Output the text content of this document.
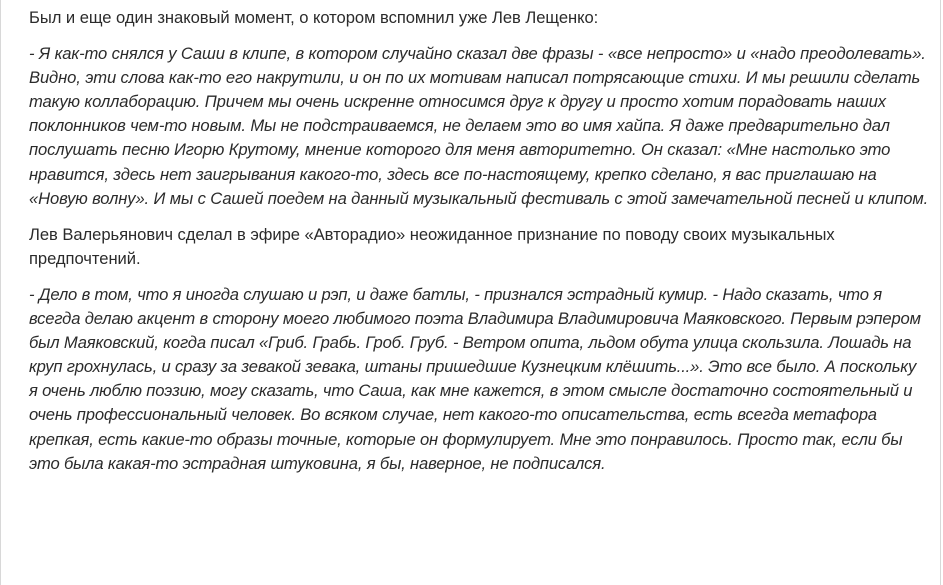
Был и еще один знаковый момент, о котором вспомнил уже Лев Лещенко:

- Я как-то снялся у Саши в клипе, в котором случайно сказал две фразы - «все непросто» и «надо преодолевать». Видно, эти слова как-то его накрутили, и он по их мотивам написал потрясающие стихи. И мы решили сделать такую коллаборацию. Причем мы очень искренне относимся друг к другу и просто хотим порадовать наших поклонников чем-то новым. Мы не подстраиваемся, не делаем это во имя хайпа. Я даже предварительно дал послушать песню Игорю Крутому, мнение которого для меня авторитетно. Он сказал: «Мне настолько это нравится, здесь нет заигрывания какого-то, здесь все по-настоящему, крепко сделано, я вас приглашаю на «Новую волну». И мы с Сашей поедем на данный музыкальный фестиваль с этой замечательной песней и клипом.

Лев Валерьянович сделал в эфире «Авторадио» неожиданное признание по поводу своих музыкальных предпочтений.

- Дело в том, что я иногда слушаю и рэп, и даже батлы, - признался эстрадный кумир. - Надо сказать, что я всегда делаю акцент в сторону моего любимого поэта Владимира Владимировича Маяковского. Первым рэпером был Маяковский, когда писал «Гриб. Грабь. Гроб. Груб. - Ветром опита, льдом обута улица скользила. Лошадь на круп грохнулась, и сразу за зевакой зевака, штаны пришедшие Кузнецким клёшить...». Это все было. А поскольку я очень люблю поэзию, могу сказать, что Саша, как мне кажется, в этом смысле достаточно состоятельный и очень профессиональный человек. Во всяком случае, нет какого-то описательства, есть всегда метафора крепкая, есть какие-то образы точные, которые он формулирует. Мне это понравилось. Просто так, если бы это была какая-то эстрадная штуковина, я бы, наверное, не подписался.
